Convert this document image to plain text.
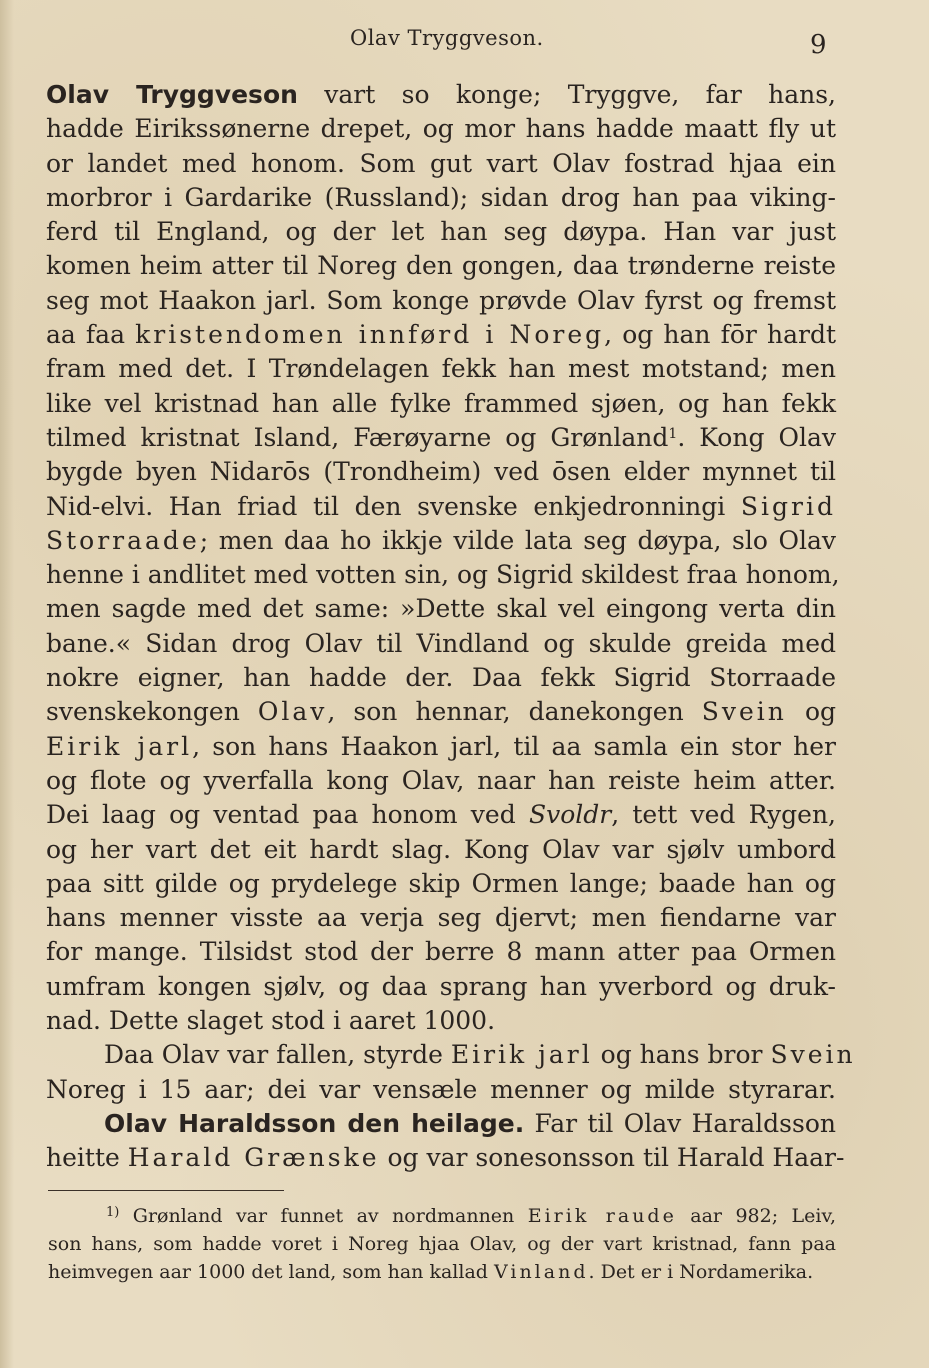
Olav Tryggveson.	9
Olav Tryggveson vart so konge; Tryggve, far hans,
hadde Eirikssønerne drepet, og mor hans hadde maatt fly ut
or landet med honom. Som gut vart Olav fostrad hjaa ein
morbror i Gardarike (Russland); sidan drog han paa viking-
ferd til England, og der let han seg døypa. Han var just
komen heim atter til Noreg den gongen, daa trønderne reiste
seg mot Haakon jarl. Som konge prøvde Olav fyrst og fremst
aa faa kristendomen innførd i Noreg, og han fōr hardt
fram med det. I Trøndelagen fekk han mest motstand; men
like vel kristnad han alle fylke frammed sjøen, og han fekk
tilmed kristnat Island, Færøyarne og Grønland$^1$. Kong Olav
bygde byen Nidarōs (Trondheim) ved ōsen elder mynnet til
Nid-elvi. Han friad til den svenske enkjedronningi Sigrid
Storraade; men daa ho ikkje vilde lata seg døypa, slo Olav
henne i andlitet med votten sin, og Sigrid skildest fraa honom,
men sagde med det same: »Dette skal vel eingong verta din
bane.« Sidan drog Olav til Vindland og skulde greida med
nokre eigner, han hadde der. Daa fekk Sigrid Storraade
svenskekongen Olav, son hennar, danekongen Svein og
Eirik jarl, son hans Haakon jarl, til aa samla ein stor her
og flote og yverfalla kong Olav, naar han reiste heim atter.
Dei laag og ventad paa honom ved Svoldr, tett ved Rygen,
og her vart det eit hardt slag. Kong Olav var sjølv umbord
paa sitt gilde og prydelege skip Ormen lange; baade han og
hans menner visste aa verja seg djervt; men fiendarne var
for mange. Tilsidst stod der berre 8 mann atter paa Ormen
umfram kongen sjølv, og daa sprang han yverbord og druk-
nad. Dette slaget stod i aaret 1000.
Daa Olav var fallen, styrde Eirik jarl og hans bror Svein
Noreg i 15 aar; dei var vensæle menner og milde styrarar.
Olav Haraldsson den heilage. Far til Olav Haraldsson
heitte Harald Grænske og var sonesonsson til Harald Haar-
$^{1)}$ Grønland var funnet av nordmannen Eirik raude aar 982; Leiv,
son hans, som hadde voret i Noreg hjaa Olav, og der vart kristnad, fann paa
heimvegen aar 1000 det land, som han kallad Vinland. Det er i Nordamerika.
